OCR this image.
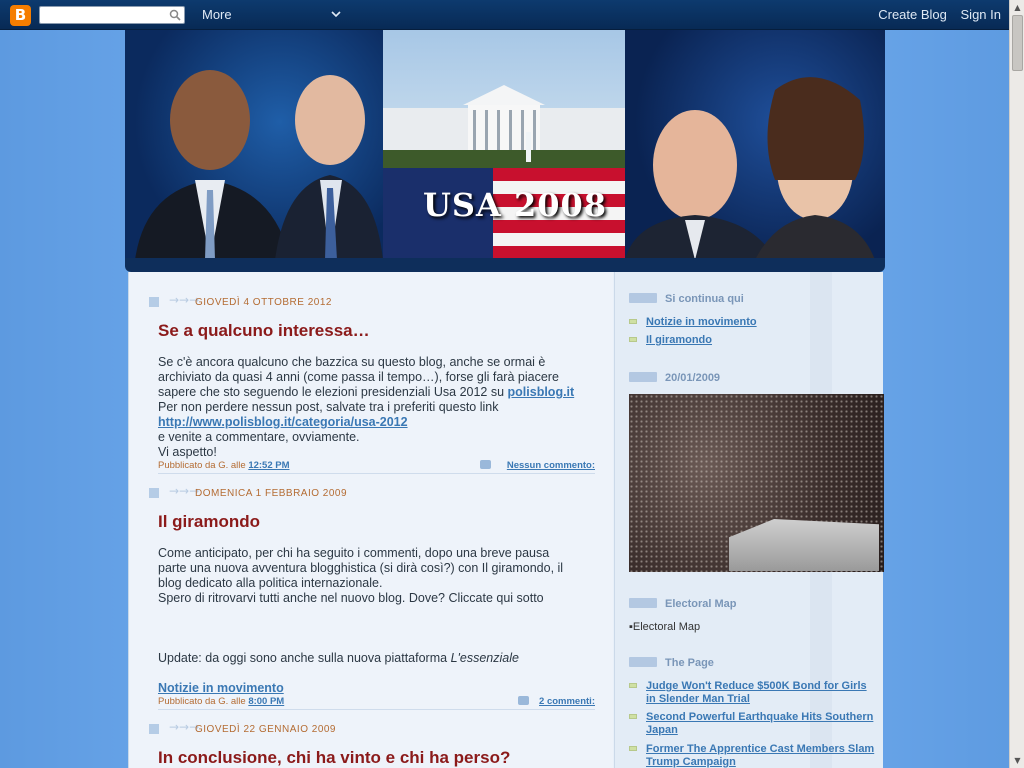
B	More	Create Blog Sign In
USA 2008
→→→
GIOVEDÌ 4 OTTOBRE 2012
Se a qualcuno interessa…
Se c'è ancora qualcuno che bazzica su questo blog, anche se ormai è
archiviato da quasi 4 anni (come passa il tempo…), forse gli farà piacere
sapere che sto seguendo le elezioni presidenziali Usa 2012 su polisblog.it
Per non perdere nessun post, salvate tra i preferiti questo link
http://www.polisblog.it/categoria/usa-2012
e venite a commentare, ovviamente.
Vi aspetto!
Pubblicato da G. alle 12:52 PM	Nessun commento:
→→→
DOMENICA 1 FEBBRAIO 2009
Il giramondo
Come anticipato, per chi ha seguito i commenti, dopo una breve pausa
parte una nuova avventura blogghistica (si dirà così?) con Il giramondo, il
blog dedicato alla politica internazionale.
Spero di ritrovarvi tutti anche nel nuovo blog. Dove? Cliccate qui sotto
Update: da oggi sono anche sulla nuova piattaforma L'essenziale
Notizie in movimento
Pubblicato da G. alle 8:00 PM	2 commenti:
→→→
GIOVEDÌ 22 GENNAIO 2009
In conclusione, chi ha vinto e chi ha perso?
Si continua qui
Notizie in movimento
Il giramondo
20/01/2009
Electoral Map
▪Electoral Map
The Page
Judge Won't Reduce $500K Bond for Girls in Slender Man Trial
Second Powerful Earthquake Hits Southern Japan
Former The Apprentice Cast Members Slam Trump Campaign
▲
▼
